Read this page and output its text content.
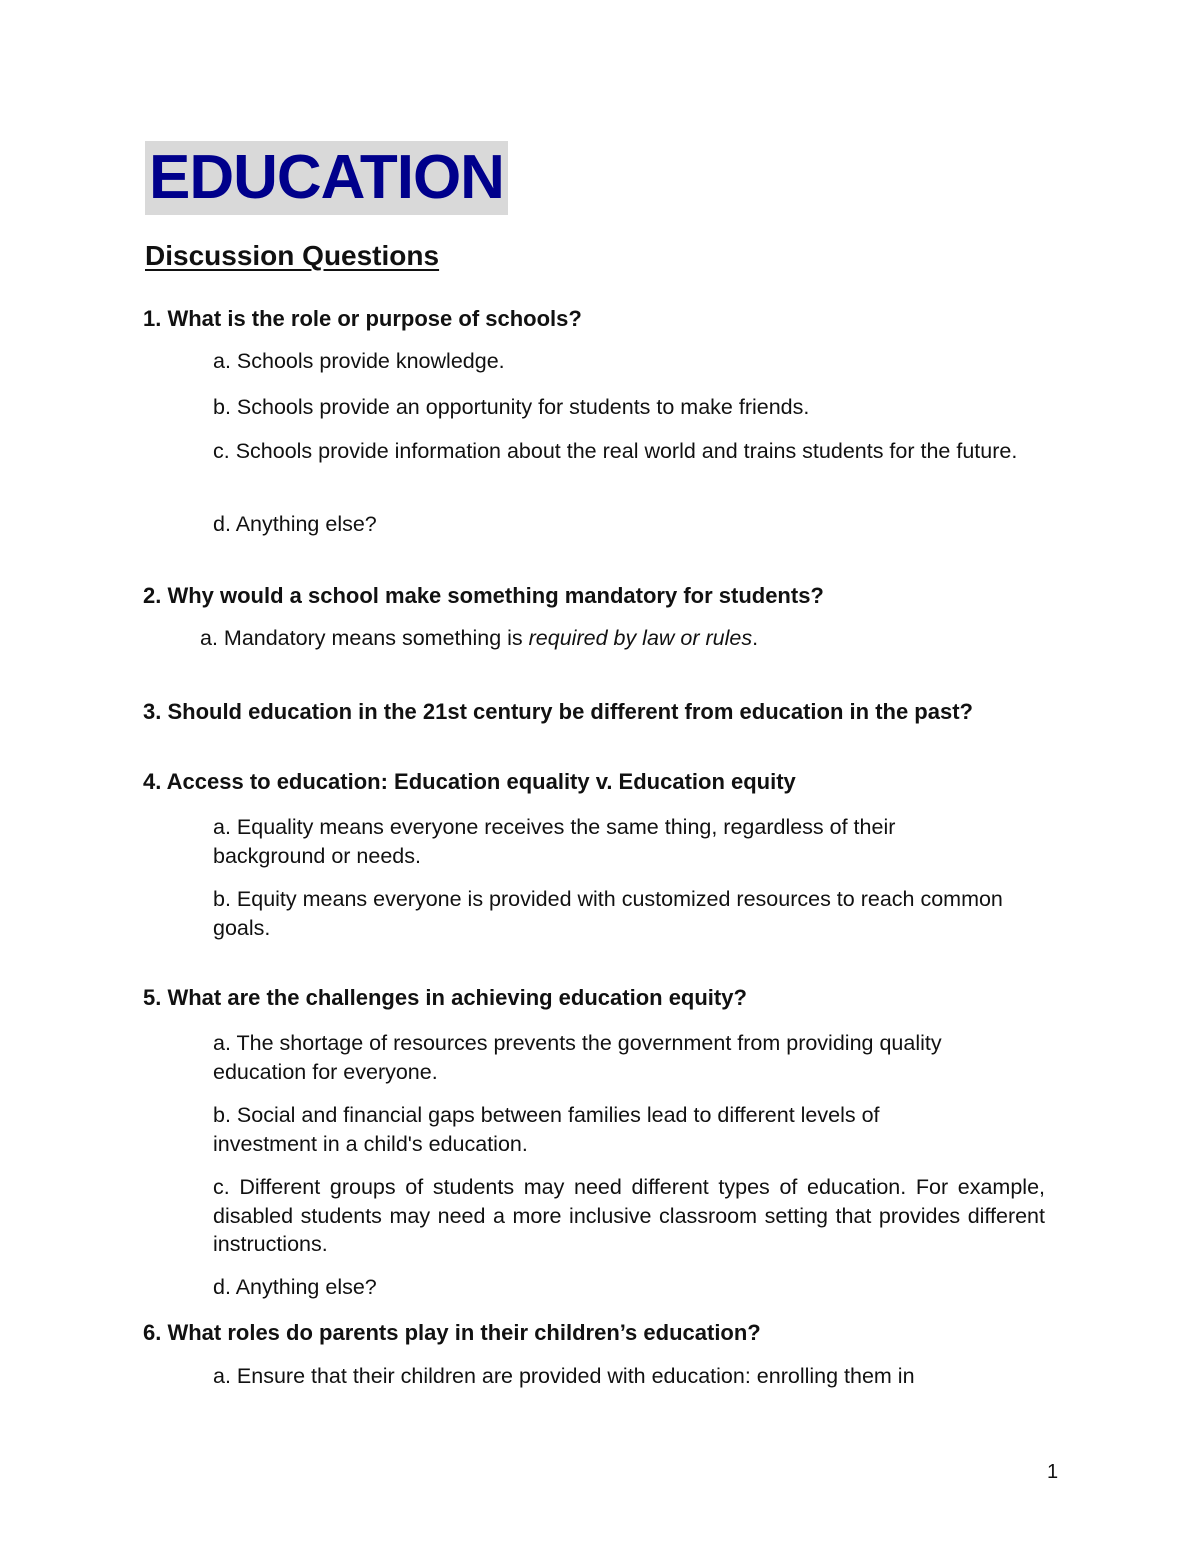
EDUCATION
Discussion Questions
1. What is the role or purpose of schools?
a. Schools provide knowledge.
b. Schools provide an opportunity for students to make friends.
c. Schools provide information about the real world and trains students for the future.
d. Anything else?
2. Why would a school make something mandatory for students?
a. Mandatory means something is required by law or rules.
3. Should education in the 21st century be different from education in the past?
4. Access to education: Education equality v. Education equity
a. Equality means everyone receives the same thing, regardless of their background or needs.
b. Equity means everyone is provided with customized resources to reach common goals.
5. What are the challenges in achieving education equity?
a. The shortage of resources prevents the government from providing quality education for everyone.
b. Social and financial gaps between families lead to different levels of investment in a child's education.
c. Different groups of students may need different types of education. For example, disabled students may need a more inclusive classroom setting that provides different instructions.
d. Anything else?
6. What roles do parents play in their children’s education?
a. Ensure that their children are provided with education: enrolling them in
1
